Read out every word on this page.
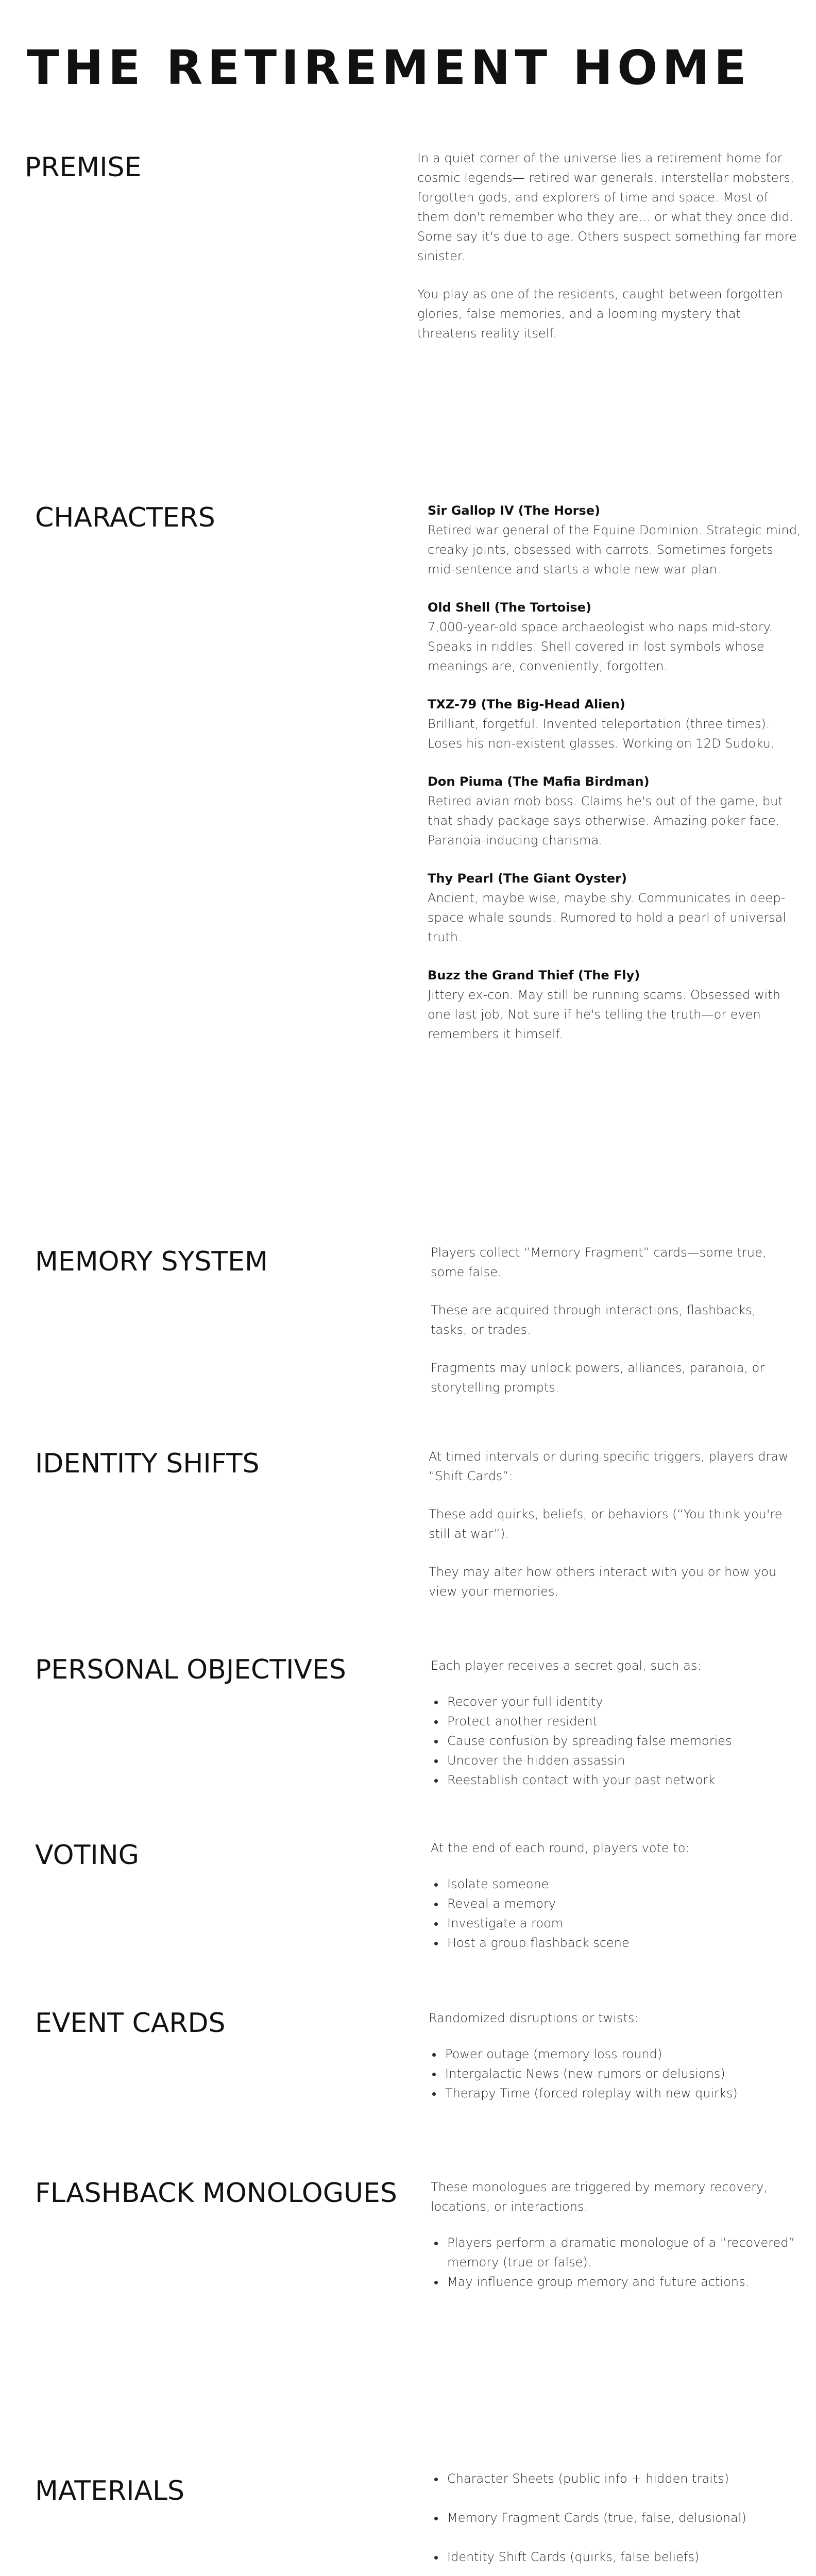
THE RETIREMENT HOME
PREMISE	In a quiet corner of the universe lies a retirement home for cosmic legends— retired war generals, interstellar mobsters, forgotten gods, and explorers of time and space. Most of them don't remember who they are... or what they once did. Some say it's due to age. Others suspect something far more sinister.

You play as one of the residents, caught between forgotten glories, false memories, and a looming mystery that threatens reality itself.

CHARACTERS	Sir Gallop IV (The Horse)
Retired war general of the Equine Dominion. Strategic mind, creaky joints, obsessed with carrots. Sometimes forgets mid-sentence and starts a whole new war plan.
Old Shell (The Tortoise)
7,000-year-old space archaeologist who naps mid-story. Speaks in riddles. Shell covered in lost symbols whose meanings are, conveniently, forgotten.
TXZ-79 (The Big-Head Alien)
Brilliant, forgetful. Invented teleportation (three times). Loses his non-existent glasses. Working on 12D Sudoku.
Don Piuma (The Mafia Birdman)
Retired avian mob boss. Claims he's out of the game, but that shady package says otherwise. Amazing poker face. Paranoia-inducing charisma.
Thy Pearl (The Giant Oyster)
Ancient, maybe wise, maybe shy. Communicates in deep-space whale sounds. Rumored to hold a pearl of universal truth.
Buzz the Grand Thief (The Fly)
Jittery ex-con. May still be running scams. Obsessed with one last job. Not sure if he's telling the truth—or even remembers it himself.
MEMORY SYSTEM	Players collect “Memory Fragment” cards—some true, some false.

These are acquired through interactions, flashbacks, tasks, or trades.

Fragments may unlock powers, alliances, paranoia, or storytelling prompts.

IDENTITY SHIFTS	At timed intervals or during specific triggers, players draw “Shift Cards”:

These add quirks, beliefs, or behaviors (“You think you're still at war”).

They may alter how others interact with you or how you view your memories.

PERSONAL OBJECTIVES	Each player receives a secret goal, such as:
• Recover your full identity
• Protect another resident
• Cause confusion by spreading false memories
• Uncover the hidden assassin
• Reestablish contact with your past network
VOTING	At the end of each round, players vote to:
• Isolate someone
• Reveal a memory
• Investigate a room
• Host a group flashback scene
EVENT CARDS	Randomized disruptions or twists:
• Power outage (memory loss round)
• Intergalactic News (new rumors or delusions)
• Therapy Time (forced roleplay with new quirks)
FLASHBACK MONOLOGUES	These monologues are triggered by memory recovery, locations, or interactions.
• Players perform a dramatic monologue of a “recovered” memory (true or false).
• May influence group memory and future actions.
MATERIALS
•	Character Sheets (public info + hidden traits)
• Memory Fragment Cards (true, false, delusional)
• Identity Shift Cards (quirks, false beliefs)
